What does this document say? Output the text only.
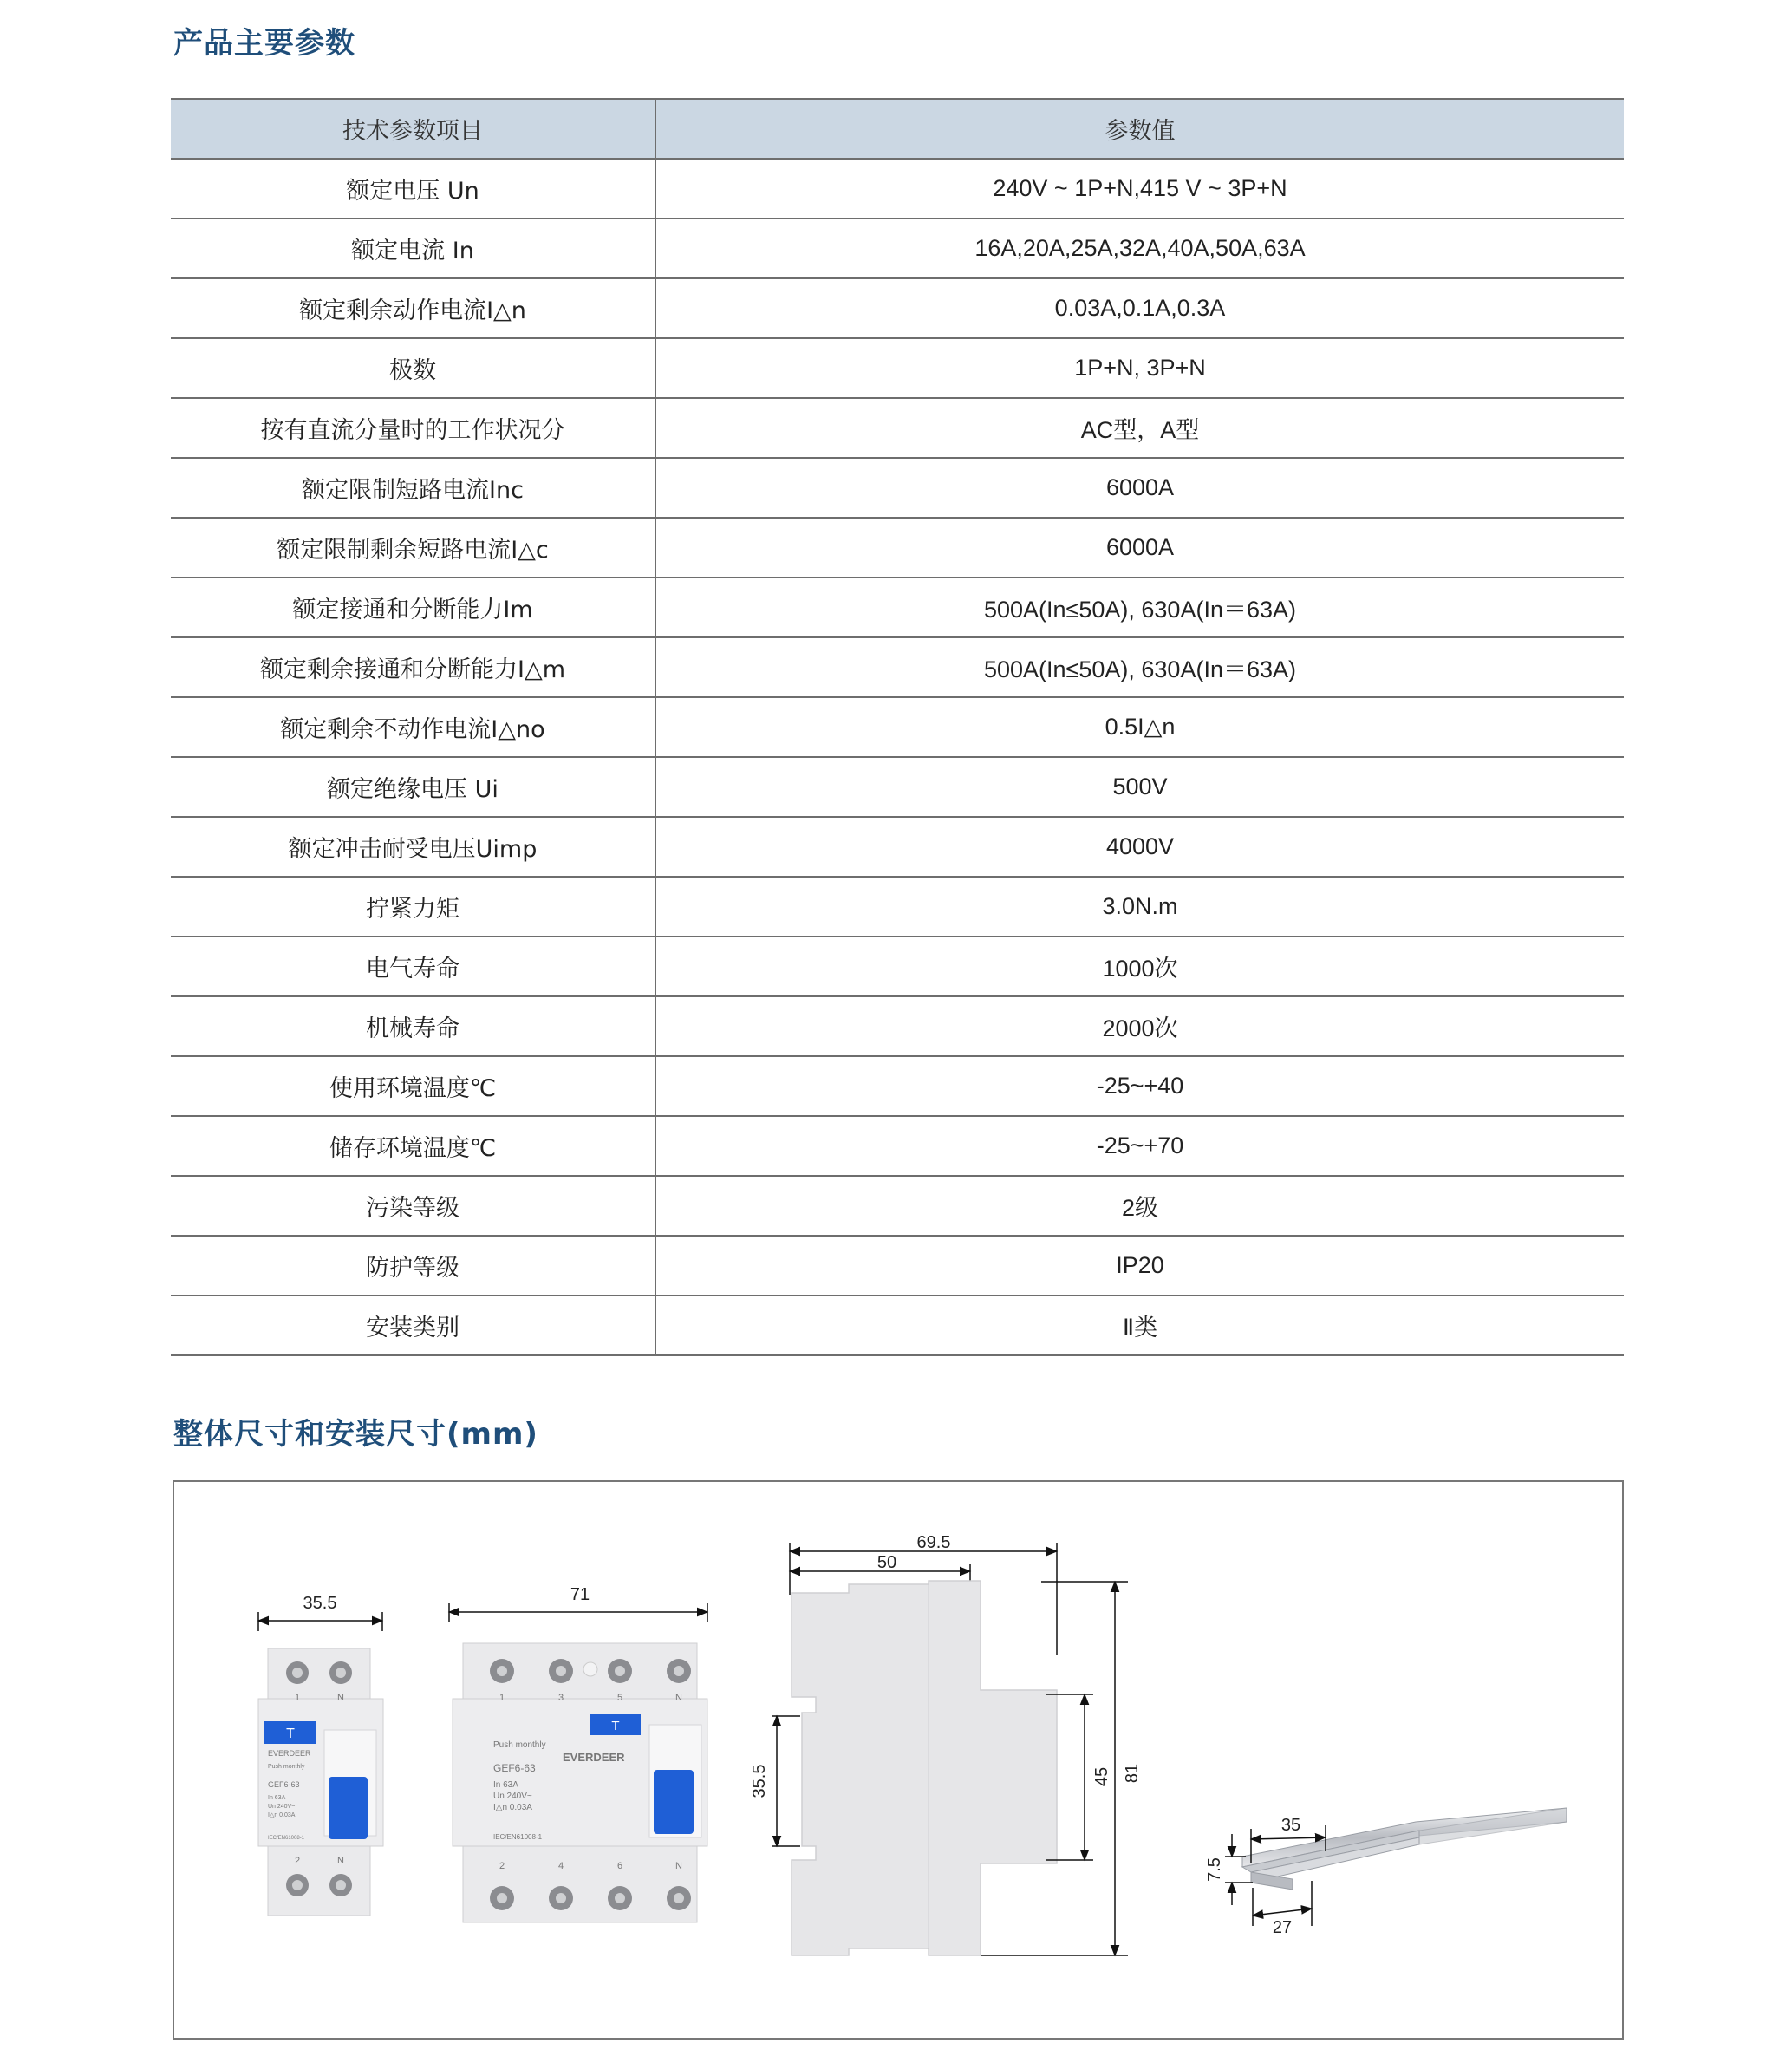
产品主要参数
技术参数项目	参数值
额定电压 Un	240V ~ 1P+N,415 V ~ 3P+N
额定电流 In	16A,20A,25A,32A,40A,50A,63A
额定剩余动作电流I△n	0.03A,0.1A,0.3A
极数	1P+N, 3P+N
按有直流分量时的工作状况分	AC型，A型
额定限制短路电流Inc	6000A
额定限制剩余短路电流I△c	6000A
额定接通和分断能力Im	500A(In≤50A), 630A(In＝63A)
额定剩余接通和分断能力I△m	500A(In≤50A), 630A(In＝63A)
额定剩余不动作电流I△no	0.5I△n
额定绝缘电压 Ui	500V
额定冲击耐受电压Uimp	4000V
拧紧力矩	3.0N.m
电气寿命	1000次
机械寿命	2000次
使用环境温度℃	-25~+40
储存环境温度℃	-25~+70
污染等级	2级
防护等级	IP20
安装类别	Ⅱ类
整体尺寸和安装尺寸(mm)
35.5
1	N
2	N
T
EVERDEER
Push monthly
GEF6-63
In 63A
Un 240V~
I△n 0.03A
IEC/EN61008-1
71
1	3	5	N
2	4	6	N
T
Push monthly
EVERDEER
GEF6-63
In 63A
Un 240V~
I△n 0.03A
IEC/EN61008-1
69.5
50
35.5	45 81
7.5
35
27
